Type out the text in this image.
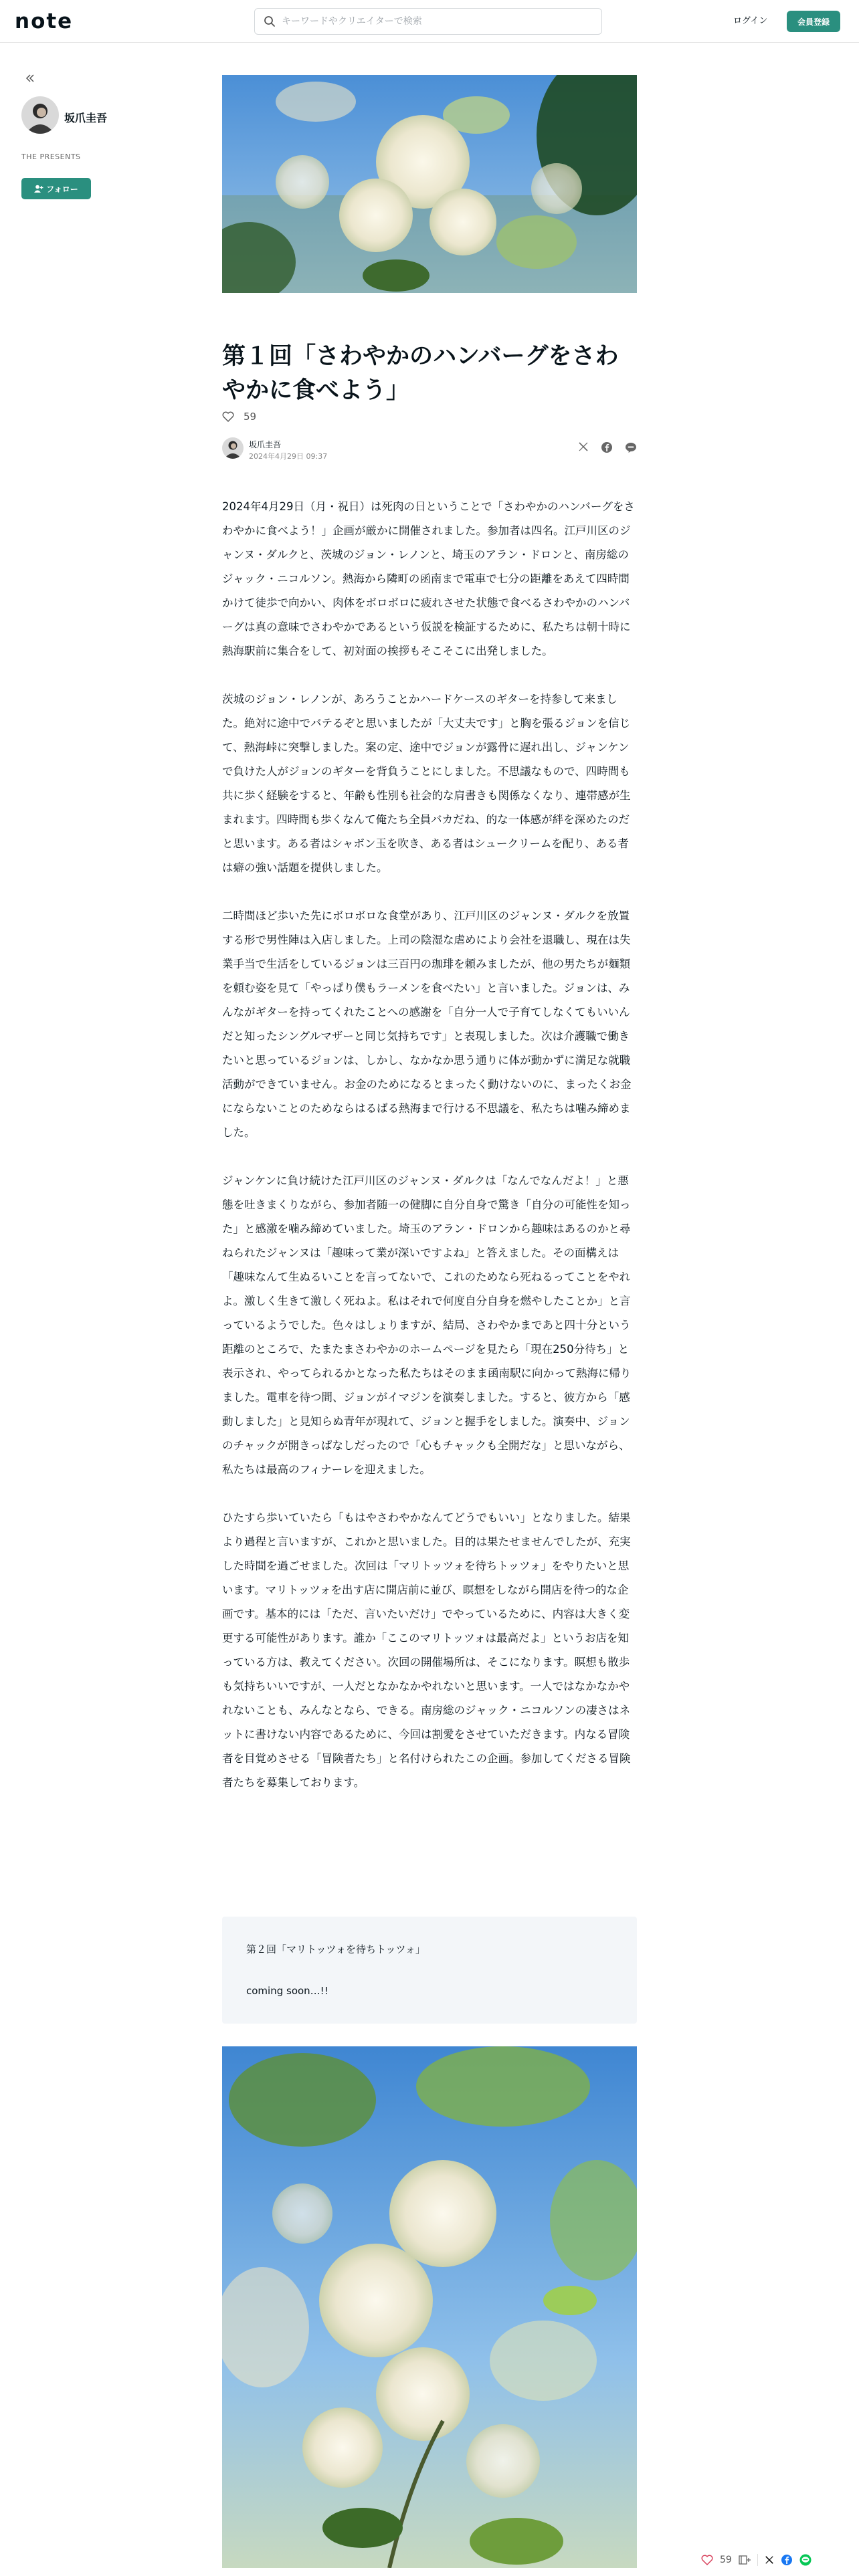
note
キーワードやクリエイターで検索	ログイン	会員登録
坂爪圭吾
THE PRESENTS
フォロー
第１回「さわやかのハンバーグをさわやかに食べよう」
59
坂爪圭吾
2024年4月29日 09:37

2024年4月29日（月・祝日）は死肉の日ということで「さわやかのハンバーグをさわやかに食べよう！」企画が厳かに開催されました。参加者は四名。江戸川区のジャンヌ・ダルクと、茨城のジョン・レノンと、埼玉のアラン・ドロンと、南房総のジャック・ニコルソン。熱海から隣町の函南まで電車で七分の距離をあえて四時間かけて徒歩で向かい、肉体をボロボロに疲れさせた状態で食べるさわやかのハンバーグは真の意味でさわやかであるという仮説を検証するために、私たちは朝十時に熱海駅前に集合をして、初対面の挨拶もそこそこに出発しました。

茨城のジョン・レノンが、あろうことかハードケースのギターを持参して来ました。絶対に途中でバテるぞと思いましたが「大丈夫です」と胸を張るジョンを信じて、熱海峠に突撃しました。案の定、途中でジョンが露骨に遅れ出し、ジャンケンで負けた人がジョンのギターを背負うことにしました。不思議なもので、四時間も共に歩く経験をすると、年齢も性別も社会的な肩書きも関係なくなり、連帯感が生まれます。四時間も歩くなんて俺たち全員バカだね、的な一体感が絆を深めたのだと思います。ある者はシャボン玉を吹き、ある者はシュークリームを配り、ある者は癖の強い話題を提供しました。

二時間ほど歩いた先にボロボロな食堂があり、江戸川区のジャンヌ・ダルクを放置する形で男性陣は入店しました。上司の陰湿な虐めにより会社を退職し、現在は失業手当で生活をしているジョンは三百円の珈琲を頼みましたが、他の男たちが麺類を頼む姿を見て「やっぱり僕もラーメンを食べたい」と言いました。ジョンは、みんながギターを持ってくれたことへの感謝を「自分一人で子育てしなくてもいいんだと知ったシングルマザーと同じ気持ちです」と表現しました。次は介護職で働きたいと思っているジョンは、しかし、なかなか思う通りに体が動かずに満足な就職活動ができていません。お金のためになるとまったく動けないのに、まったくお金にならないことのためならはるばる熱海まで行ける不思議を、私たちは噛み締めました。

ジャンケンに負け続けた江戸川区のジャンヌ・ダルクは「なんでなんだよ！」と悪態を吐きまくりながら、参加者随一の健脚に自分自身で驚き「自分の可能性を知った」と感激を噛み締めていました。埼玉のアラン・ドロンから趣味はあるのかと尋ねられたジャンヌは「趣味って業が深いですよね」と答えました。その面構えは「趣味なんて生ぬるいことを言ってないで、これのためなら死ねるってことをやれよ。激しく生きて激しく死ねよ。私はそれで何度自分自身を燃やしたことか」と言っているようでした。色々はしょりますが、結局、さわやかまであと四十分という距離のところで、たまたまさわやかのホームページを見たら「現在250分待ち」と表示され、やってられるかとなった私たちはそのまま函南駅に向かって熱海に帰りました。電車を待つ間、ジョンがイマジンを演奏しました。すると、彼方から「感動しました」と見知らぬ青年が現れて、ジョンと握手をしました。演奏中、ジョンのチャックが開きっぱなしだったので「心もチャックも全開だな」と思いながら、私たちは最高のフィナーレを迎えました。

ひたすら歩いていたら「もはやさわやかなんてどうでもいい」となりました。結果より過程と言いますが、これかと思いました。目的は果たせませんでしたが、充実した時間を過ごせました。次回は「マリトッツォを待ちトッツォ」をやりたいと思います。マリトッツォを出す店に開店前に並び、瞑想をしながら開店を待つ的な企画です。基本的には「ただ、言いたいだけ」でやっているために、内容は大きく変更する可能性があります。誰か「ここのマリトッツォは最高だよ」というお店を知っている方は、教えてください。次回の開催場所は、そこになります。瞑想も散歩も気持ちいいですが、一人だとなかなかやれないと思います。一人ではなかなかやれないことも、みんなとなら、できる。南房総のジャック・ニコルソンの凄さはネットに書けない内容であるために、今回は割愛をさせていただきます。内なる冒険者を目覚めさせる「冒険者たち」と名付けられたこの企画。参加してくださる冒険者たちを募集しております。

第２回「マリトッツォを待ちトッツォ」
coming soon…!!
59
